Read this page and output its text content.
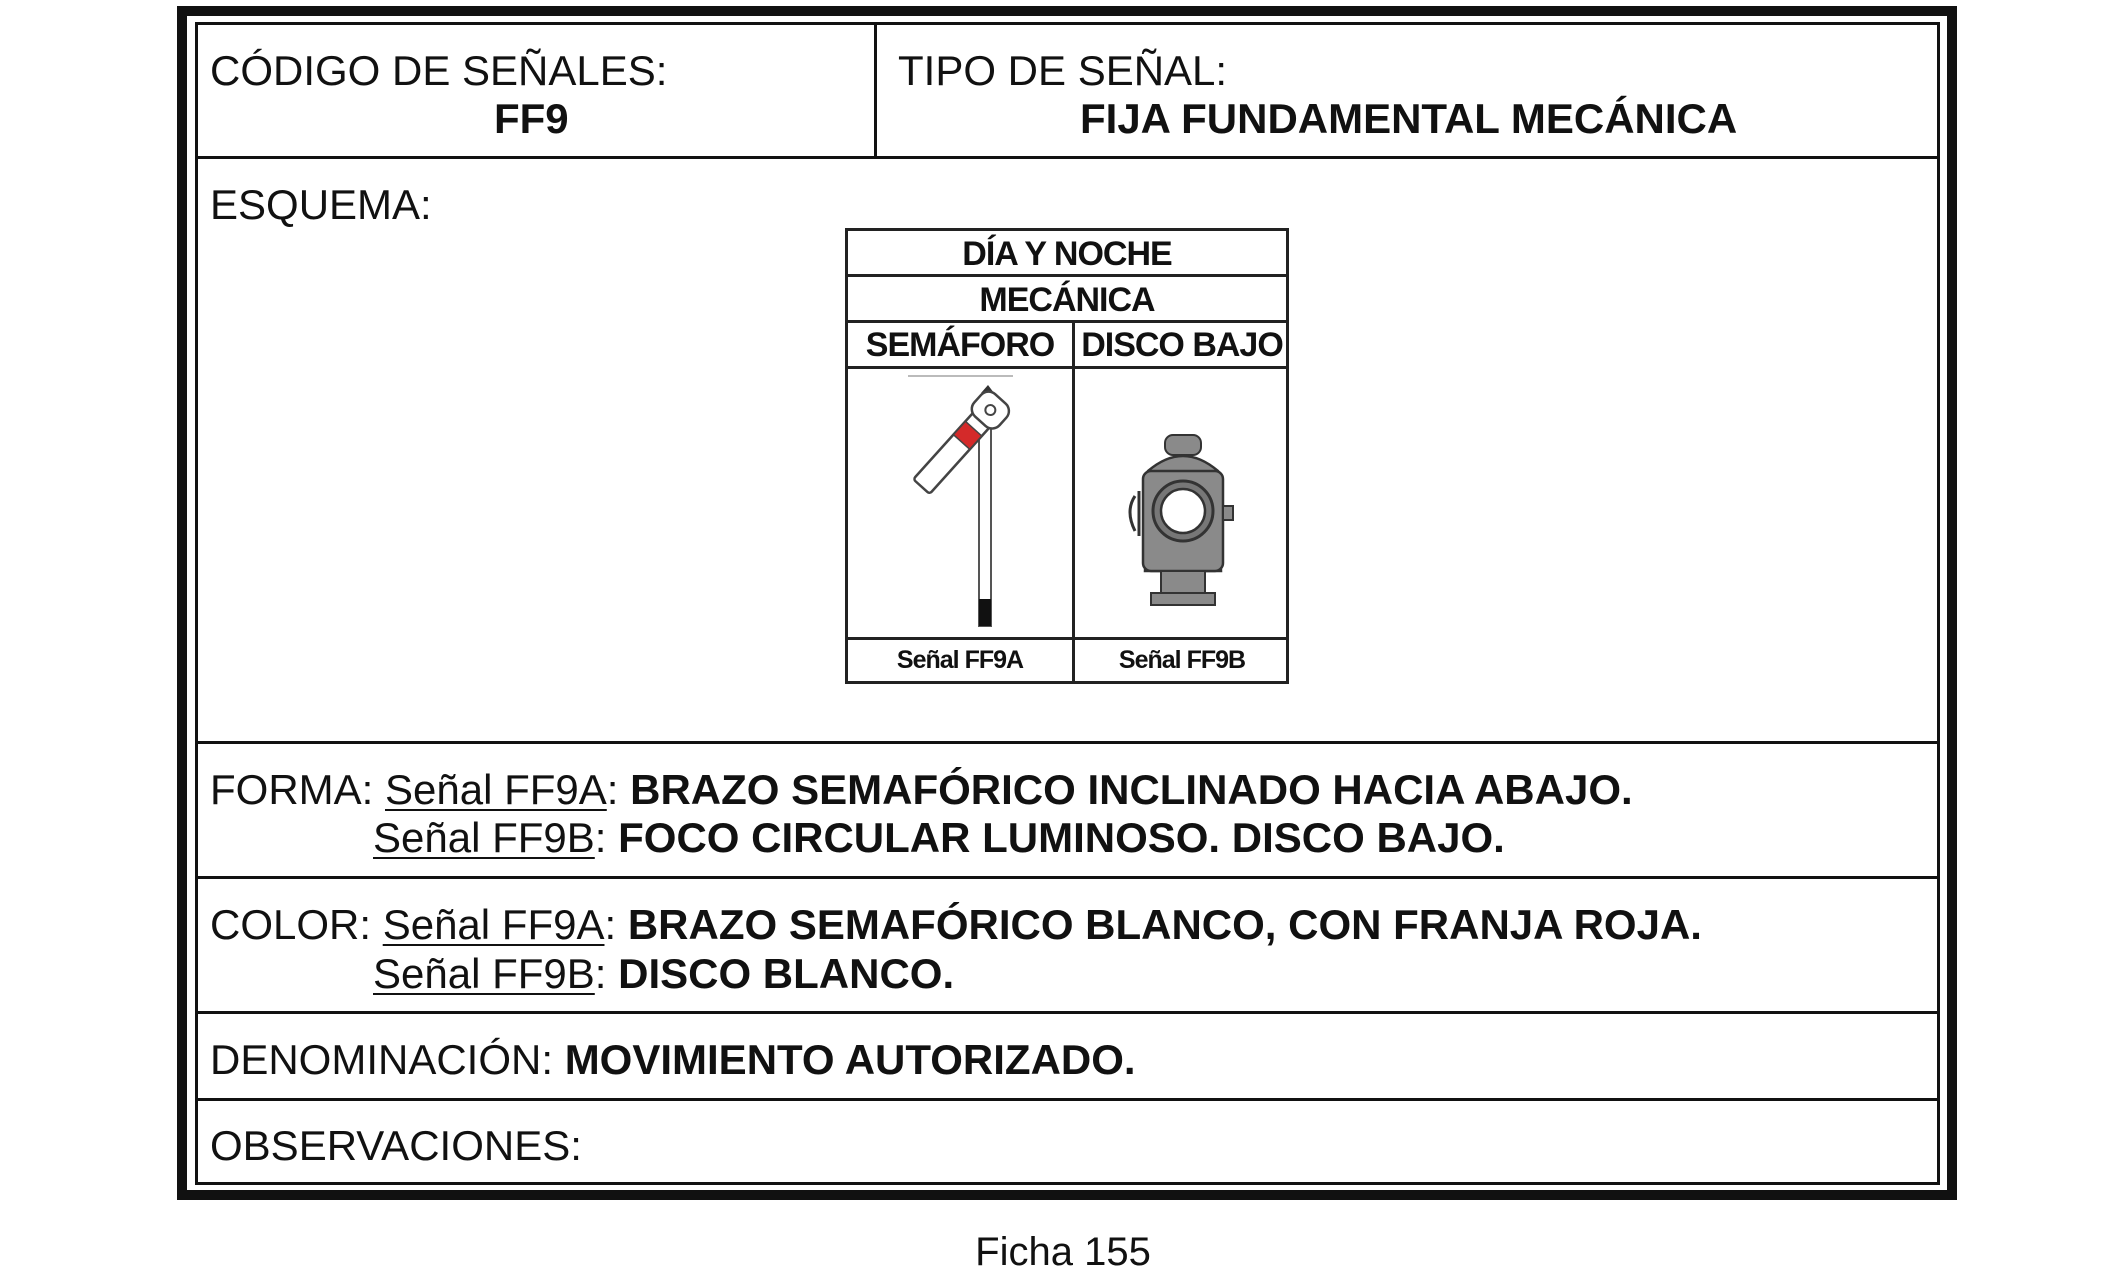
CÓDIGO DE SEÑALES:
FF9
TIPO DE SEÑAL:
FIJA FUNDAMENTAL MECÁNICA
ESQUEMA:
DÍA Y NOCHE
MECÁNICA
SEMÁFORO DISCO BAJO
Señal FF9A	Señal FF9B
FORMA: Señal FF9A: BRAZO SEMAFÓRICO INCLINADO HACIA ABAJO.
Señal FF9B: FOCO CIRCULAR LUMINOSO. DISCO BAJO.
COLOR: Señal FF9A: BRAZO SEMAFÓRICO BLANCO, CON FRANJA ROJA.
Señal FF9B: DISCO BLANCO.
DENOMINACIÓN: MOVIMIENTO AUTORIZADO.
OBSERVACIONES:
Ficha 155
